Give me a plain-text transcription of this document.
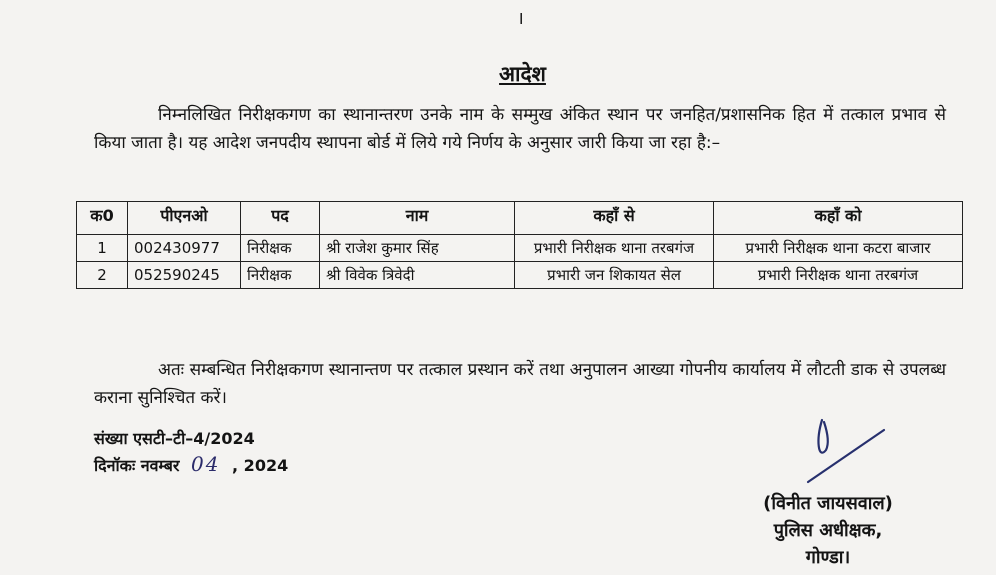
I
आदेश
निम्नलिखित निरीक्षकगण का स्थानान्तरण उनके नाम के सम्मुख अंकित स्थान पर जनहित/प्रशासनिक हित में तत्काल प्रभाव से किया जाता है। यह आदेश जनपदीय स्थापना बोर्ड में लिये गये निर्णय के अनुसार जारी किया जा रहा है:–
क0	पीएनओ	पद	नाम	कहाँ से	कहाँ को
1	002430977	निरीक्षक	श्री राजेश कुमार सिंह	प्रभारी निरीक्षक थाना तरबगंज	प्रभारी निरीक्षक थाना कटरा बाजार
2	052590245	निरीक्षक	श्री विवेक त्रिवेदी	प्रभारी जन शिकायत सेल	प्रभारी निरीक्षक थाना तरबगंज
अतः सम्बन्धित निरीक्षकगण स्थानान्तण पर तत्काल प्रस्थान करें तथा अनुपालन आख्या गोपनीय कार्यालय में लौटती डाक से उपलब्ध कराना सुनिश्चित करें।
संख्या एसटी–टी–4/2024
दिनॉकः नवम्बर 04 , 2024
(विनीत जायसवाल)
पुलिस अधीक्षक,
गोण्डा।
